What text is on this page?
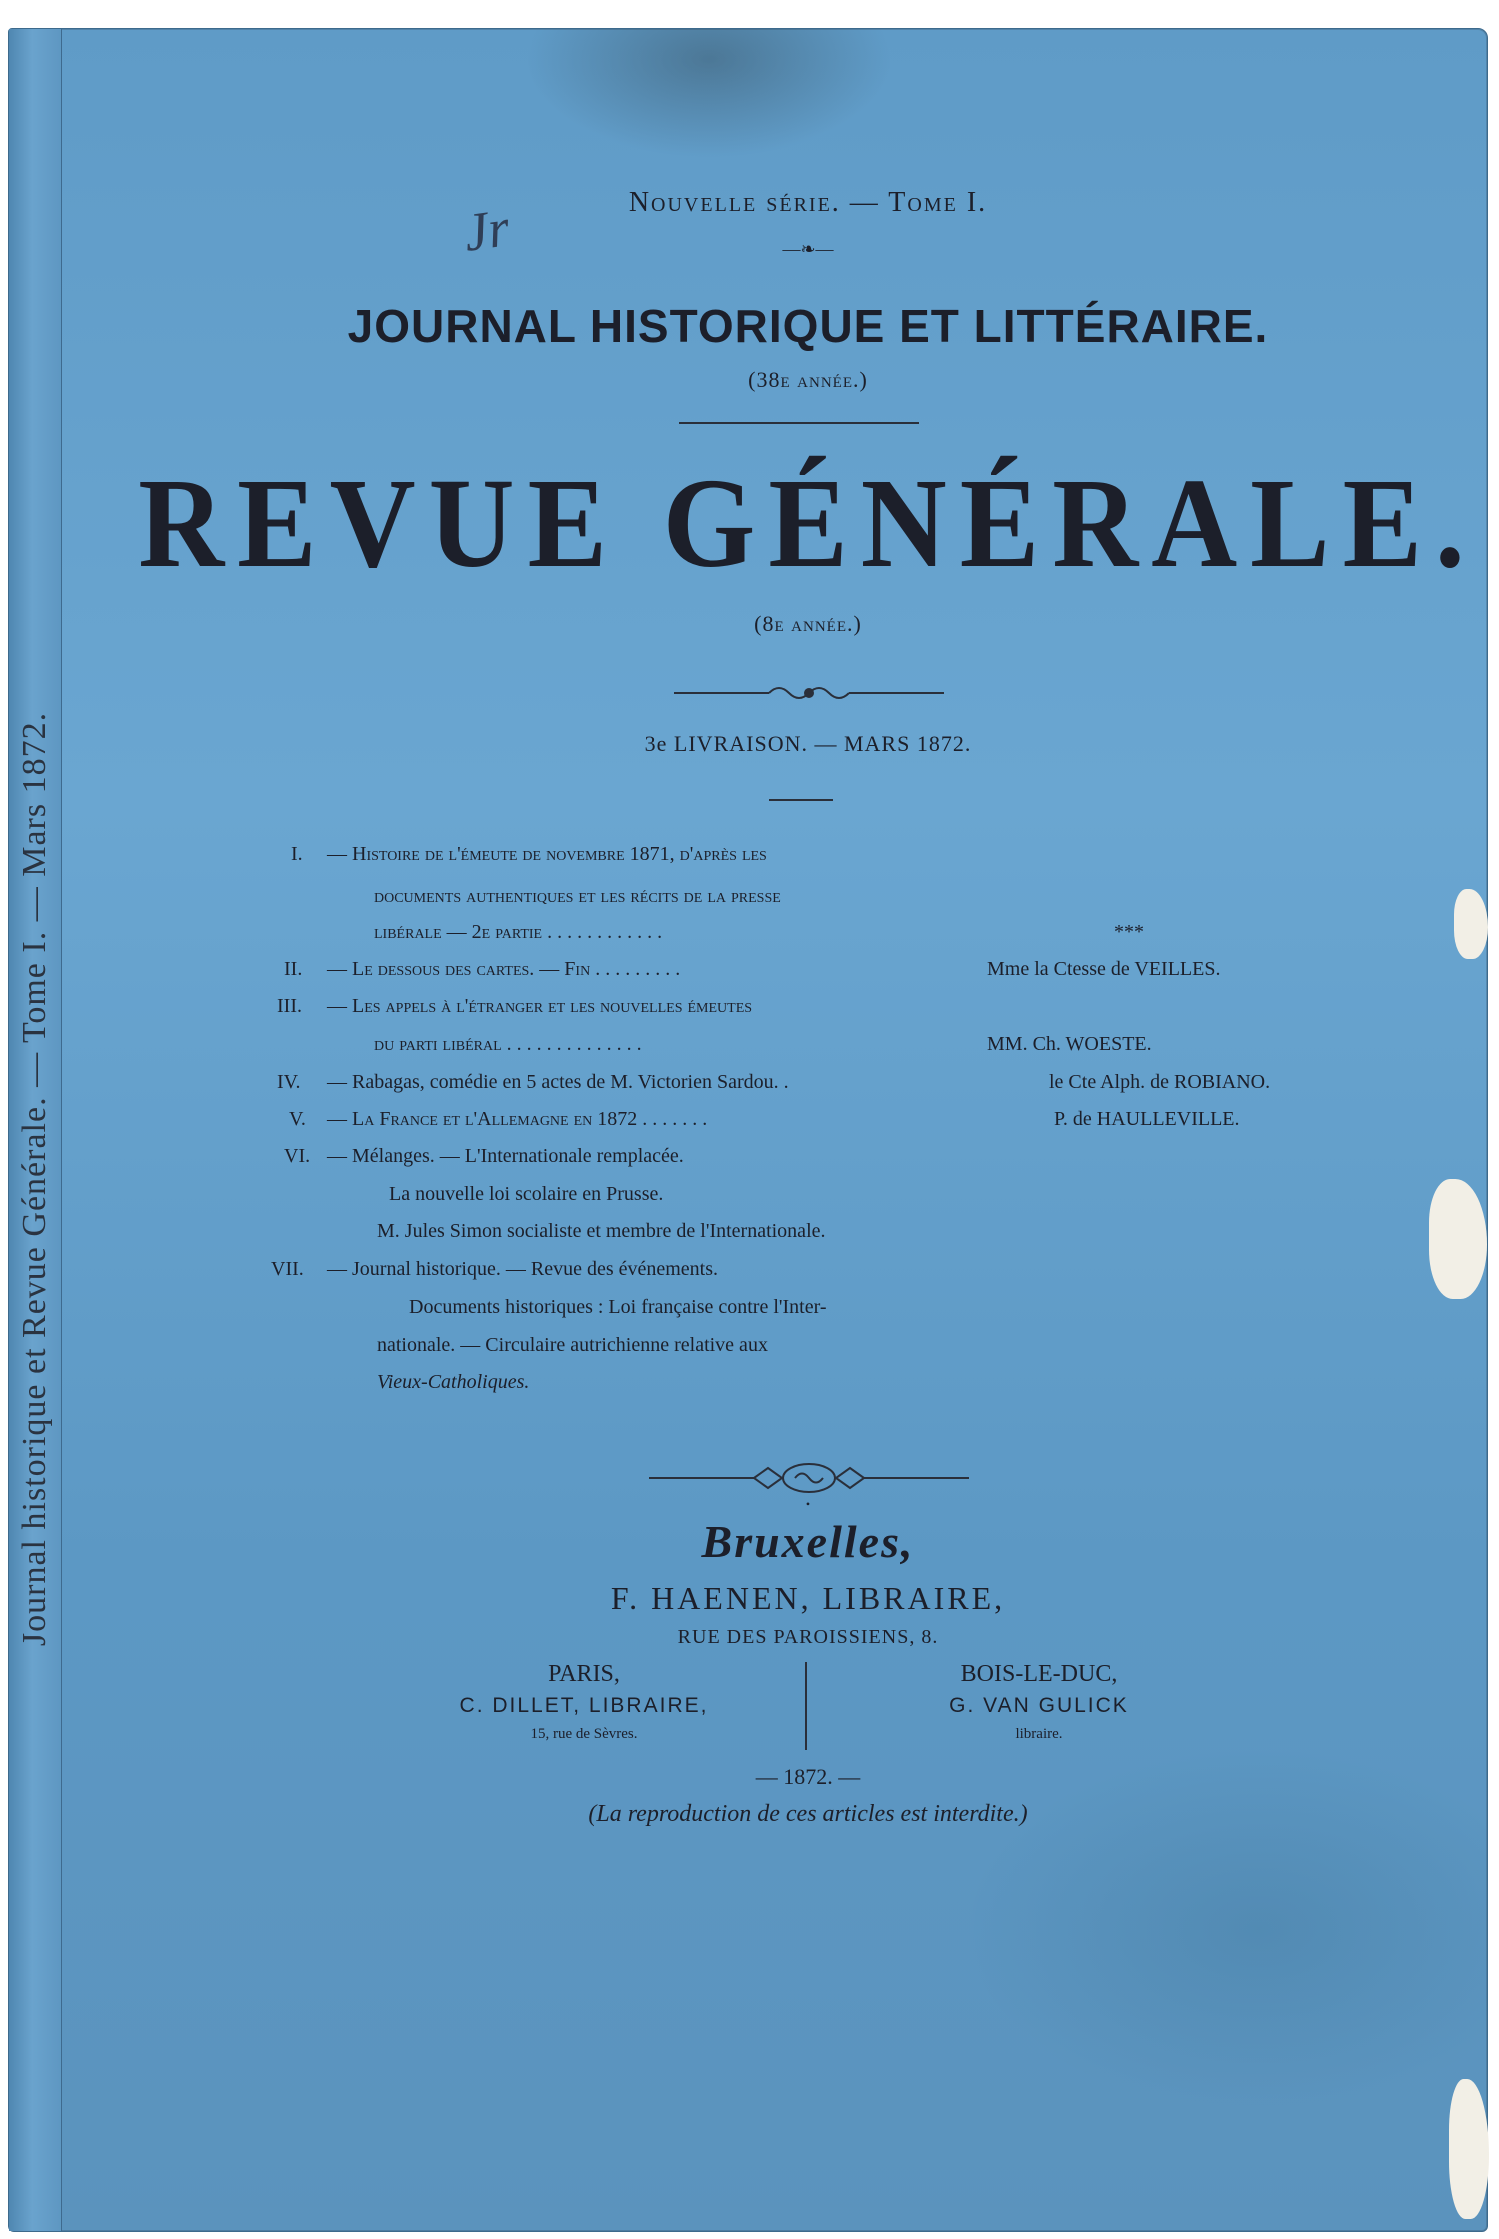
Journal historique et Revue Générale. — Tome I. — Mars 1872.
Jr	Nouvelle série. — Tome I.
—❧—
JOURNAL HISTORIQUE ET LITTÉRAIRE.
(38e année.)
REVUE GÉNÉRALE.
(8e année.)
3e LIVRAISON. — MARS 1872.
I. — Histoire de l'émeute de novembre 1871, d'après les
documents authentiques et les récits de la presse
libérale — 2e partie . . . . . . . . . . . .	***
II. — Le dessous des cartes. — Fin . . . . . . . . .	Mme la Ctesse de VEILLES.
III. — Les appels à l'étranger et les nouvelles émeutes
du parti libéral . . . . . . . . . . . . . .	MM. Ch. WOESTE.
IV. — Rabagas, comédie en 5 actes de M. Victorien Sardou. .	le Cte Alph. de ROBIANO.
V. — La France et l'Allemagne en 1872 . . . . . . .	P. de HAULLEVILLE.
VI. — Mélanges. — L'Internationale remplacée.
La nouvelle loi scolaire en Prusse.
M. Jules Simon socialiste et membre de l'Internationale.
VII. — Journal historique. — Revue des événements.
Documents historiques : Loi française contre l'Inter-
nationale. — Circulaire autrichienne relative aux
Vieux-Catholiques.
•
Bruxelles,
F. HAENEN, LIBRAIRE,
RUE DES PAROISSIENS, 8.
PARIS,
C. DILLET, LIBRAIRE,
15, rue de Sèvres.
BOIS-LE-DUC,
G. VAN GULICK
libraire.
— 1872. —
(La reproduction de ces articles est interdite.)
